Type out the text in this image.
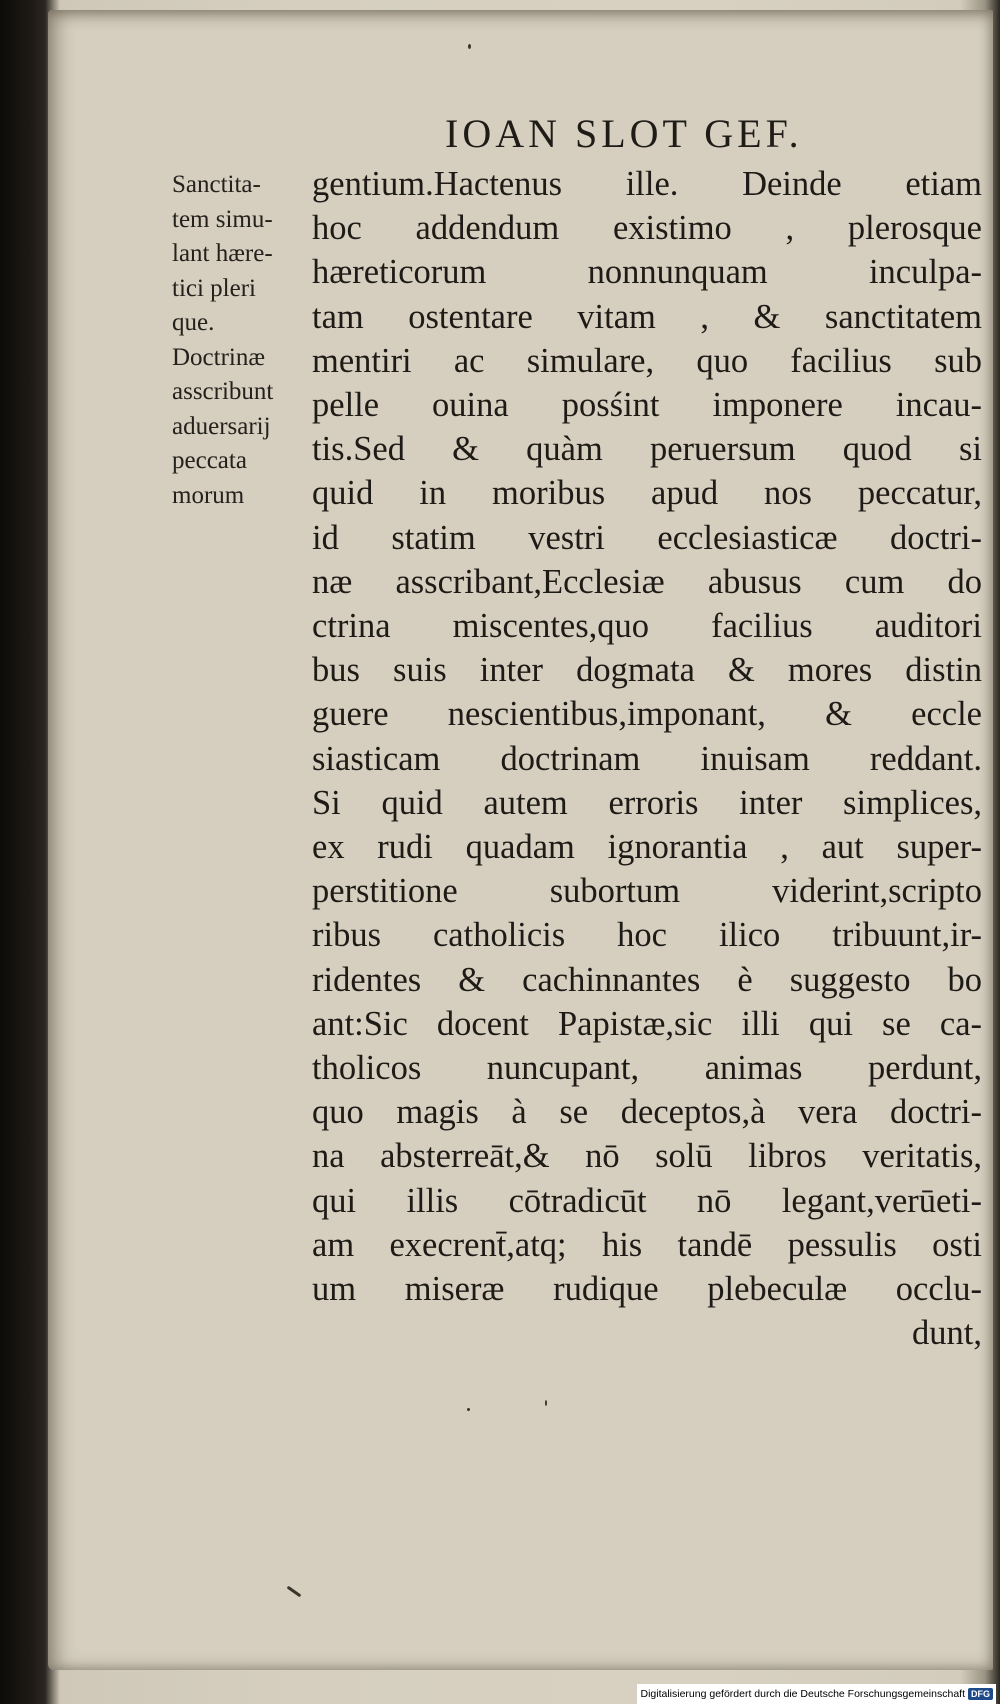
IOAN SLOT GEF.
Sanctita-
tem simu-
lant hære-
tici pleri
que.
Doctrinæ
asscribunt
aduersarij
peccata
morum
gentium.Hactenus ille. Deinde etiam
hoc addendum existimo , plerosque
hæreticorum nonnunquam inculpa-
tam ostentare vitam , & sanctitatem
mentiri ac simulare, quo facilius sub
pelle ouina posśint imponere incau-
tis.Sed & quàm peruersum quod si
quid in moribus apud nos peccatur,
id statim vestri ecclesiasticæ doctri-
næ asscribant,Ecclesiæ abusus cum do
ctrina miscentes,quo facilius auditori
bus suis inter dogmata & mores distin
guere nescientibus,imponant, & eccle
siasticam doctrinam inuisam reddant.
Si quid autem erroris inter simplices,
ex rudi quadam ignorantia , aut super-
perstitione subortum viderint,scripto
ribus catholicis hoc ilico tribuunt,ir-
ridentes & cachinnantes è suggesto bo
ant:Sic docent Papistæ,sic illi qui se ca-
tholicos nuncupant, animas perdunt,
quo magis à se deceptos,à vera doctri-
na absterreāt,& nō solū libros veritatis,
qui illis cōtradicūt nō legant,verūeti-
am execrent̄,atq; his tandē pessulis osti
um miseræ rudique plebeculæ occlu-
dunt,
Digitalisierung gefördert durch die Deutsche Forschungsgemeinschaft DFG
